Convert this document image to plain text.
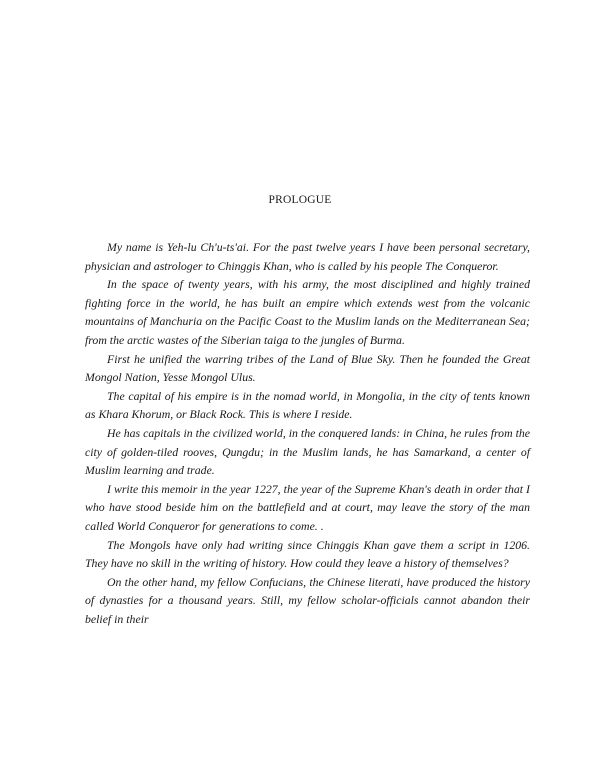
PROLOGUE

My name is Yeh-lu Ch'u-ts'ai. For the past twelve years I have been personal secretary, physician and astrologer to Chinggis Khan, who is called by his people The Conqueror.

In the space of twenty years, with his army, the most disciplined and highly trained fighting force in the world, he has built an empire which extends west from the volcanic mountains of Manchuria on the Pacific Coast to the Muslim lands on the Mediterranean Sea; from the arctic wastes of the Siberian taiga to the jungles of Burma.

First he unified the warring tribes of the Land of Blue Sky. Then he founded the Great Mongol Nation, Yesse Mongol Ulus.

The capital of his empire is in the nomad world, in Mongolia, in the city of tents known as Khara Khorum, or Black Rock. This is where I reside.

He has capitals in the civilized world, in the conquered lands: in China, he rules from the city of golden-tiled rooves, Qungdu; in the Muslim lands, he has Samarkand, a center of Muslim learning and trade.

I write this memoir in the year 1227, the year of the Supreme Khan's death in order that I who have stood beside him on the battlefield and at court, may leave the story of the man called World Conqueror for generations to come. .

The Mongols have only had writing since Chinggis Khan gave them a script in 1206. They have no skill in the writing of history. How could they leave a history of themselves?

On the other hand, my fellow Confucians, the Chinese literati, have produced the history of dynasties for a thousand years. Still, my fellow scholar-officials cannot abandon their belief in their
